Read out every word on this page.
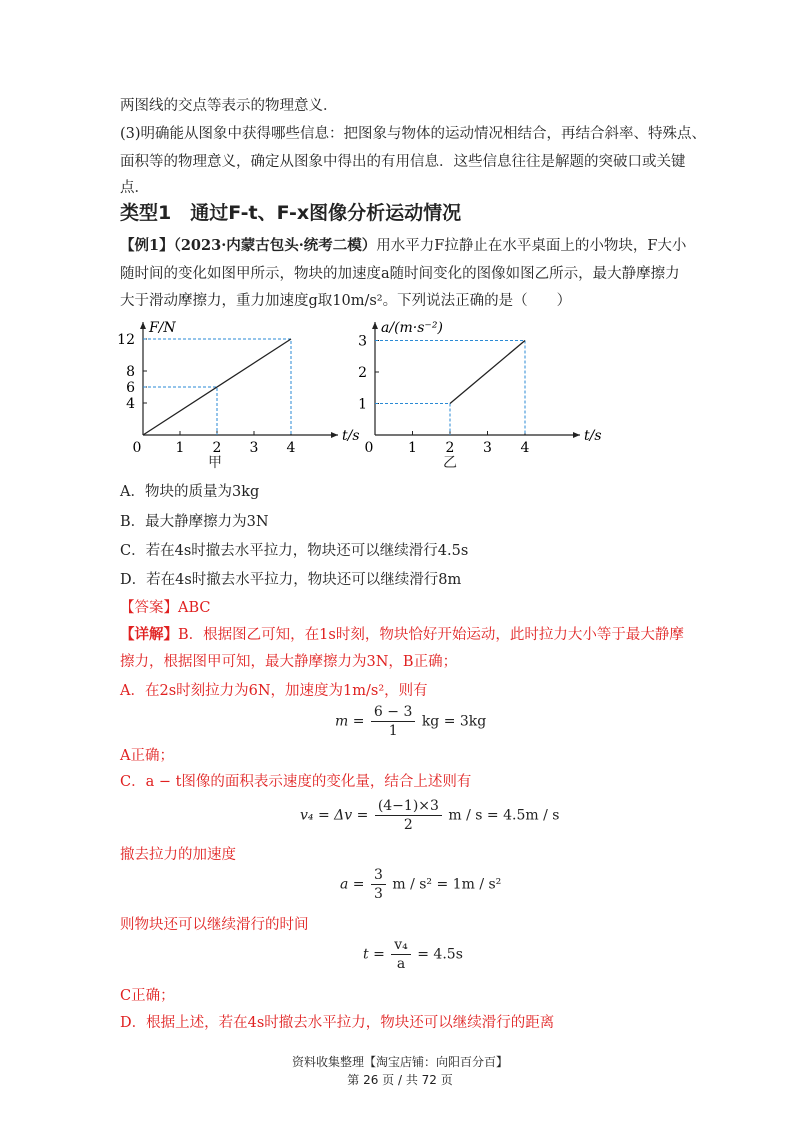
两图线的交点等表示的物理意义．
(3)明确能从图象中获得哪些信息：把图象与物体的运动情况相结合，再结合斜率、特殊点、
面积等的物理意义，确定从图象中得出的有用信息．这些信息往往是解题的突破口或关键
点．
类型1　通过F-t、F-x图像分析运动情况
【例1】（2023·内蒙古包头·统考二模）用水平力F拉静止在水平桌面上的小物块，F大小
随时间的变化如图甲所示，物块的加速度a随时间变化的图像如图乙所示，最大静摩擦力
大于滑动摩擦力，重力加速度g取10m/s²。下列说法正确的是（　　）
F/N
t/s
0 1 2 3 4
4
6
8
12
甲
a/(m·s⁻²)
t/s
0 1 2 3 4
1
2
3
乙
A．物块的质量为3kg
B．最大静摩擦力为3N
C．若在4s时撤去水平拉力，物块还可以继续滑行4.5s
D．若在4s时撤去水平拉力，物块还可以继续滑行8m
【答案】ABC
【详解】B．根据图乙可知，在1s时刻，物块恰好开始运动，此时拉力大小等于最大静摩
擦力，根据图甲可知，最大静摩擦力为3N，B正确；
A．在2s时刻拉力为6N，加速度为1m/s²，则有
$m = \frac{6 - 3}{1}$ kg = 3kg
A正确；
C．a − t图像的面积表示速度的变化量，结合上述则有
$v_4 = \Delta v = \frac{(4-1)\times 3}{2}$ m / s = 4.5m / s
撤去拉力的加速度
$a = \frac{3}{3}$ m / s² = 1m / s²
则物块还可以继续滑行的时间
$t = \frac{\text{v₄}}{a} = 4.5s$
C正确；
D．根据上述，若在4s时撤去水平拉力，物块还可以继续滑行的距离
资料收集整理【淘宝店铺：向阳百分百】
第 26 页 / 共 72 页
